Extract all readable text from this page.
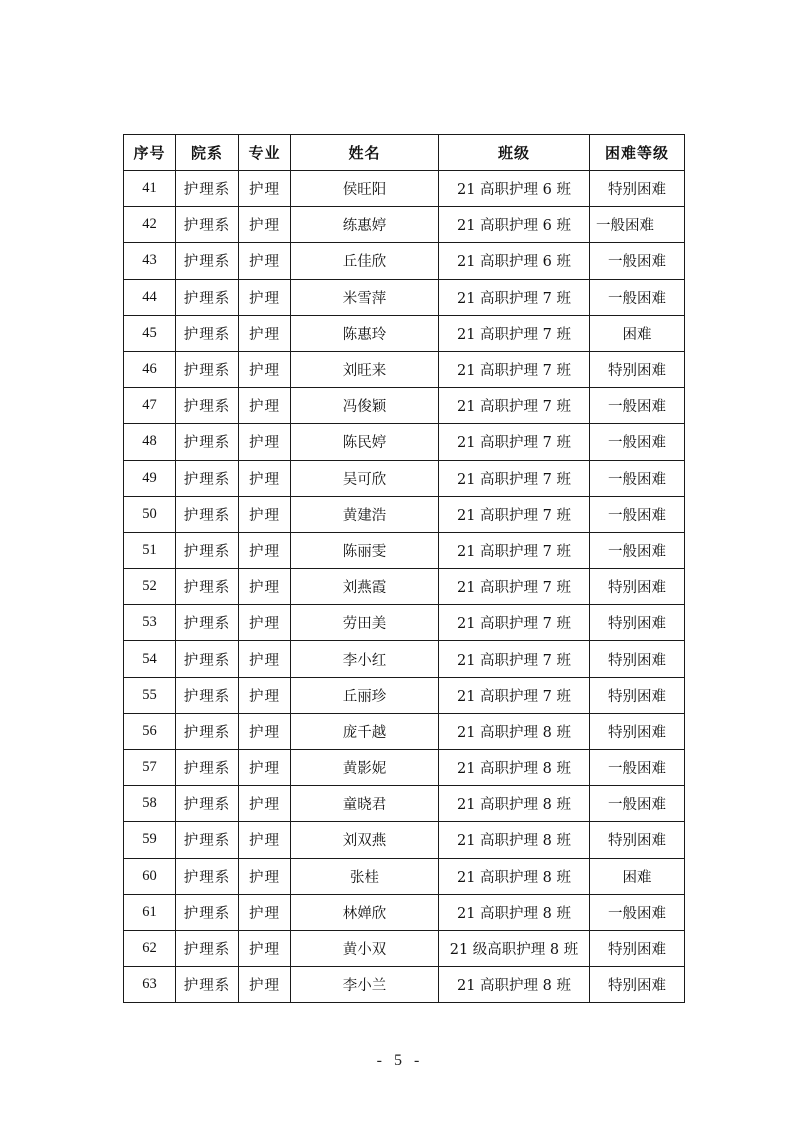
序号	院系	专业	姓名	班级	困难等级
41	护理系	护理	侯旺阳	21 高职护理 6 班	特别困难
42	护理系	护理	练惠婷	21 高职护理 6 班	一般困难
43	护理系	护理	丘佳欣	21 高职护理 6 班	一般困难
44	护理系	护理	米雪萍	21 高职护理 7 班	一般困难
45	护理系	护理	陈惠玲	21 高职护理 7 班	困难
46	护理系	护理	刘旺来	21 高职护理 7 班	特别困难
47	护理系	护理	冯俊颖	21 高职护理 7 班	一般困难
48	护理系	护理	陈民婷	21 高职护理 7 班	一般困难
49	护理系	护理	吴可欣	21 高职护理 7 班	一般困难
50	护理系	护理	黄建浩	21 高职护理 7 班	一般困难
51	护理系	护理	陈丽雯	21 高职护理 7 班	一般困难
52	护理系	护理	刘燕霞	21 高职护理 7 班	特别困难
53	护理系	护理	劳田美	21 高职护理 7 班	特别困难
54	护理系	护理	李小红	21 高职护理 7 班	特别困难
55	护理系	护理	丘丽珍	21 高职护理 7 班	特别困难
56	护理系	护理	庞千越	21 高职护理 8 班	特别困难
57	护理系	护理	黄影妮	21 高职护理 8 班	一般困难
58	护理系	护理	童晓君	21 高职护理 8 班	一般困难
59	护理系	护理	刘双燕	21 高职护理 8 班	特别困难
60	护理系	护理	张桂	21 高职护理 8 班	困难
61	护理系	护理	林婵欣	21 高职护理 8 班	一般困难
62	护理系	护理	黄小双	21 级高职护理 8 班	特别困难
63	护理系	护理	李小兰	21 高职护理 8 班	特别困难
- 5 -
